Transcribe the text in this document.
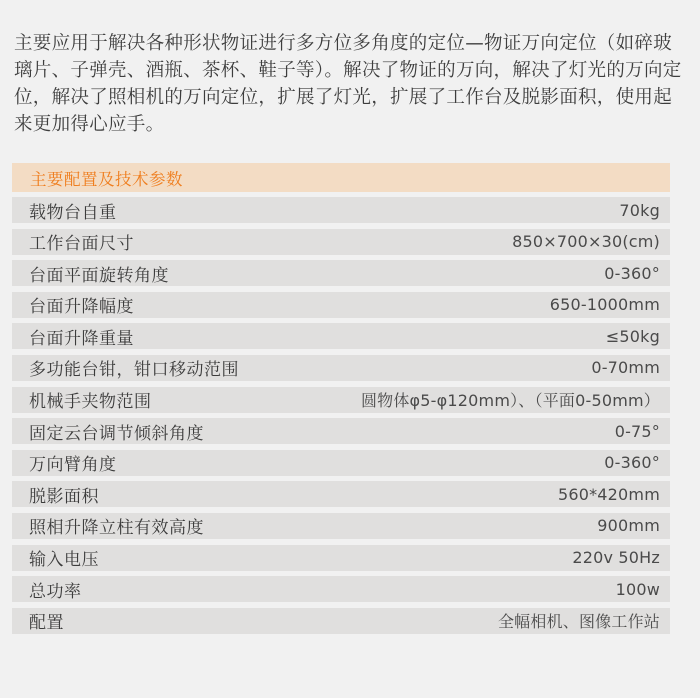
主要应用于解决各种形状物证进行多方位多角度的定位—物证万向定位（如碎玻璃片、子弹壳、酒瓶、茶杯、鞋子等）。解决了物证的万向，解决了灯光的万向定位，解决了照相机的万向定位，扩展了灯光，扩展了工作台及脱影面积，使用起来更加得心应手。

主要配置及技术参数
载物台自重	70kg
工作台面尺寸	850×700×30(cm)
台面平面旋转角度	0-360°
台面升降幅度	650-1000mm
台面升降重量	≤50kg
多功能台钳，钳口移动范围	0-70mm
机械手夹物范围	圆物体φ5-φ120mm）、（平面0-50mm）
固定云台调节倾斜角度	0-75°
万向臂角度	0-360°
脱影面积	560*420mm
照相升降立柱有效高度	900mm
输入电压	220v 50Hz
总功率	100w
配置	全幅相机、图像工作站
